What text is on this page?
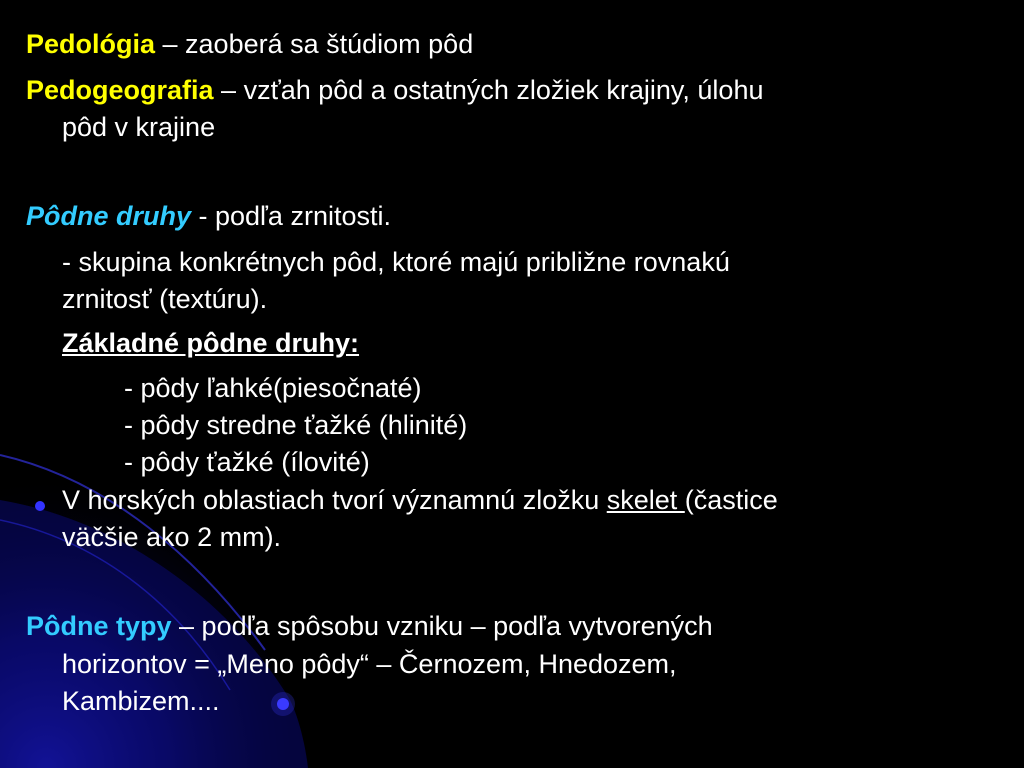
Pedológia – zaoberá sa štúdiom pôd
Pedogeografia – vzťah pôd a ostatných zložiek krajiny, úlohu
pôd v krajine
Pôdne druhy - podľa zrnitosti.
- skupina konkrétnych pôd, ktoré majú približne rovnakú
zrnitosť (textúru).
Základné pôdne druhy:
- pôdy ľahké(piesočnaté)
- pôdy stredne ťažké (hlinité)
- pôdy ťažké (ílovité)
V horských oblastiach tvorí významnú zložku skelet (častice
väčšie ako 2 mm).
Pôdne typy – podľa spôsobu vzniku – podľa vytvorených
horizontov = „Meno pôdy“ – Černozem, Hnedozem,
Kambizem....
